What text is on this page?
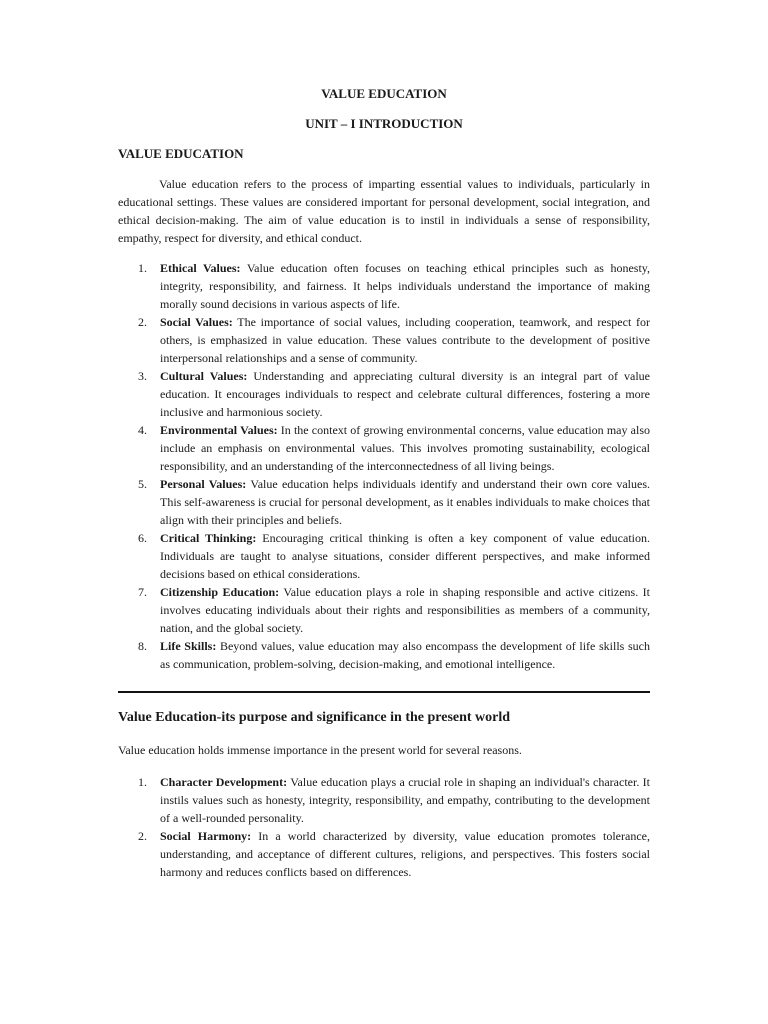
VALUE EDUCATION
UNIT – I INTRODUCTION
VALUE EDUCATION

Value education refers to the process of imparting essential values to individuals, particularly in educational settings. These values are considered important for personal development, social integration, and ethical decision-making. The aim of value education is to instil in individuals a sense of responsibility, empathy, respect for diversity, and ethical conduct.

1. Ethical Values: Value education often focuses on teaching ethical principles such as honesty, integrity, responsibility, and fairness. It helps individuals understand the importance of making morally sound decisions in various aspects of life.
2. Social Values: The importance of social values, including cooperation, teamwork, and respect for others, is emphasized in value education. These values contribute to the development of positive interpersonal relationships and a sense of community.
3. Cultural Values: Understanding and appreciating cultural diversity is an integral part of value education. It encourages individuals to respect and celebrate cultural differences, fostering a more inclusive and harmonious society.
4. Environmental Values: In the context of growing environmental concerns, value education may also include an emphasis on environmental values. This involves promoting sustainability, ecological responsibility, and an understanding of the interconnectedness of all living beings.
5. Personal Values: Value education helps individuals identify and understand their own core values. This self-awareness is crucial for personal development, as it enables individuals to make choices that align with their principles and beliefs.
6. Critical Thinking: Encouraging critical thinking is often a key component of value education. Individuals are taught to analyse situations, consider different perspectives, and make informed decisions based on ethical considerations.
7. Citizenship Education: Value education plays a role in shaping responsible and active citizens. It involves educating individuals about their rights and responsibilities as members of a community, nation, and the global society.
8. Life Skills: Beyond values, value education may also encompass the development of life skills such as communication, problem-solving, decision-making, and emotional intelligence.
Value Education-its purpose and significance in the present world

Value education holds immense importance in the present world for several reasons.

1. Character Development: Value education plays a crucial role in shaping an individual's character. It instils values such as honesty, integrity, responsibility, and empathy, contributing to the development of a well-rounded personality.
2. Social Harmony: In a world characterized by diversity, value education promotes tolerance, understanding, and acceptance of different cultures, religions, and perspectives. This fosters social harmony and reduces conflicts based on differences.
